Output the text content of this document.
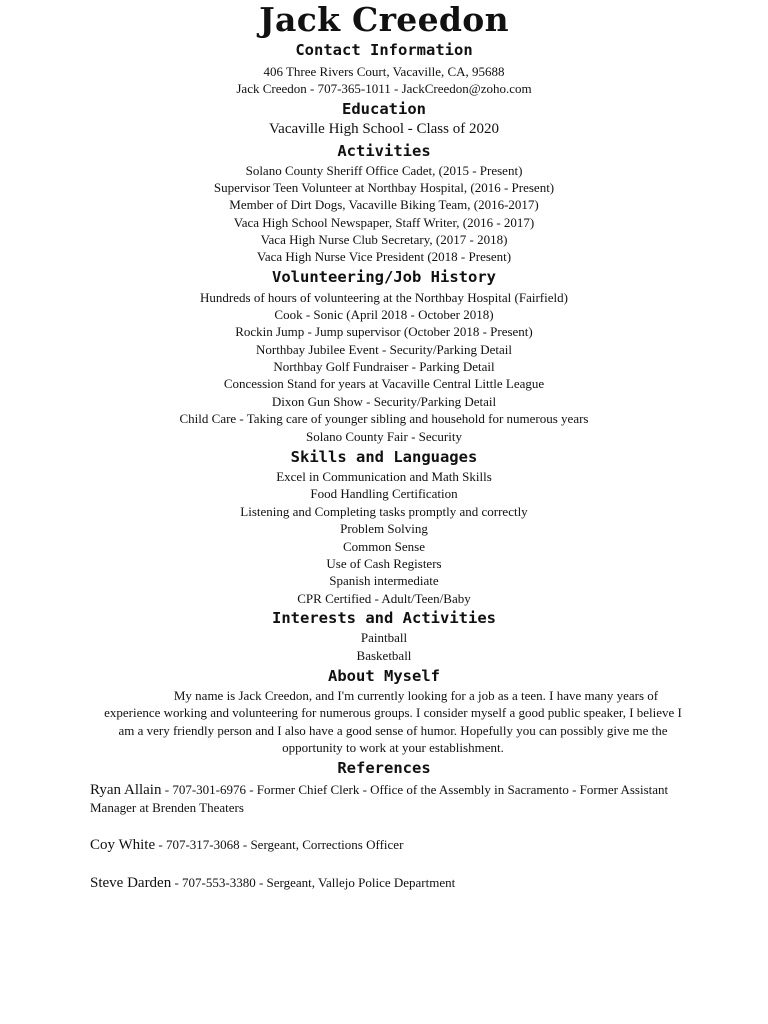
Jack Creedon
Contact Information
406 Three Rivers Court, Vacaville, CA, 95688
Jack Creedon - 707-365-1011 - JackCreedon@zoho.com
Education
Vacaville High School - Class of 2020
Activities
Solano County Sheriff Office Cadet, (2015 - Present)
Supervisor Teen Volunteer at Northbay Hospital, (2016 - Present)
Member of Dirt Dogs, Vacaville Biking Team, (2016-2017)
Vaca High School Newspaper, Staff Writer, (2016 - 2017)
Vaca High Nurse Club Secretary, (2017 - 2018)
Vaca High Nurse Vice President (2018 - Present)
Volunteering/Job History
Hundreds of hours of volunteering at the Northbay Hospital (Fairfield)
Cook - Sonic (April 2018 - October 2018)
Rockin Jump - Jump supervisor (October 2018 - Present)
Northbay Jubilee Event - Security/Parking Detail
Northbay Golf Fundraiser - Parking Detail
Concession Stand for years at Vacaville Central Little League
Dixon Gun Show - Security/Parking Detail
Child Care - Taking care of younger sibling and household for numerous years
Solano County Fair - Security
Skills and Languages
Excel in Communication and Math Skills
Food Handling Certification
Listening and Completing tasks promptly and correctly
Problem Solving
Common Sense
Use of Cash Registers
Spanish intermediate
CPR Certified - Adult/Teen/Baby
Interests and Activities
Paintball
Basketball
About Myself
My name is Jack Creedon, and I'm currently looking for a job as a teen. I have many years of experience working and volunteering for numerous groups. I consider myself a good public speaker, I believe I am a very friendly person and I also have a good sense of humor. Hopefully you can possibly give me the opportunity to work at your establishment.
References
Ryan Allain - 707-301-6976 - Former Chief Clerk - Office of the Assembly in Sacramento - Former Assistant Manager at Brenden Theaters
Coy White - 707-317-3068 - Sergeant, Corrections Officer
Steve Darden - 707-553-3380 - Sergeant, Vallejo Police Department
